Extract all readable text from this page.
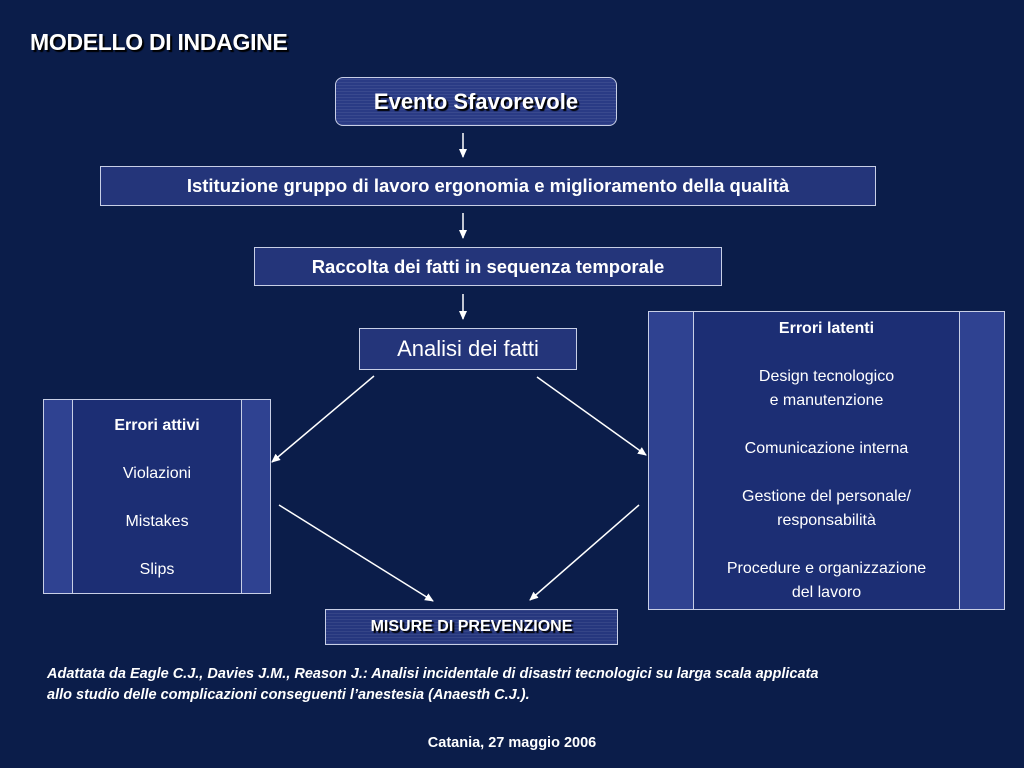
MODELLO DI INDAGINE
Evento Sfavorevole
Istituzione gruppo di lavoro ergonomia e miglioramento della qualità
Raccolta dei fatti in sequenza temporale
Analisi dei fatti
Errori attivi
Violazioni
Mistakes
Slips
Errori latenti
Design tecnologico
e manutenzione
Comunicazione interna
Gestione del personale/
responsabilità
Procedure e organizzazione
del lavoro
MISURE DI PREVENZIONE
Adattata da Eagle C.J., Davies J.M., Reason J.: Analisi incidentale di disastri tecnologici su larga scala applicata
allo studio delle complicazioni conseguenti l’anestesia (Anaesth C.J.).
Catania, 27 maggio 2006
